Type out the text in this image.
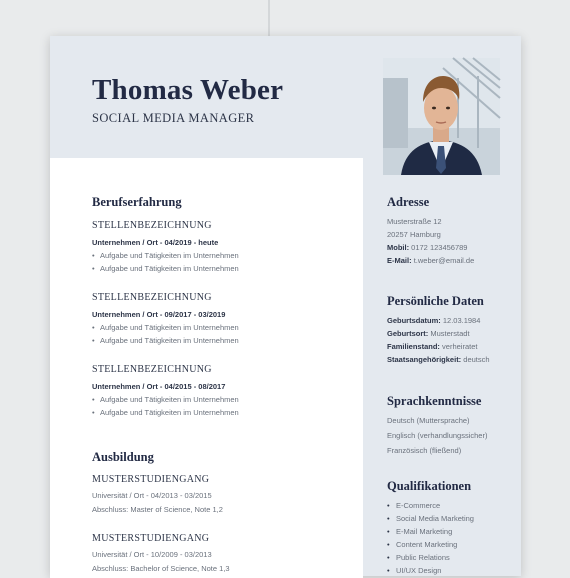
Thomas Weber
SOCIAL MEDIA MANAGER
Berufserfahrung
STELLENBEZEICHNUNG
Unternehmen / Ort - 04/2019 - heute
• Aufgabe und Tätigkeiten im Unternehmen
• Aufgabe und Tätigkeiten im Unternehmen
STELLENBEZEICHNUNG
Unternehmen / Ort - 09/2017 - 03/2019
• Aufgabe und Tätigkeiten im Unternehmen
• Aufgabe und Tätigkeiten im Unternehmen
STELLENBEZEICHNUNG
Unternehmen / Ort - 04/2015 - 08/2017
• Aufgabe und Tätigkeiten im Unternehmen
• Aufgabe und Tätigkeiten im Unternehmen
Ausbildung
MUSTERSTUDIENGANG
Universität / Ort - 04/2013 - 03/2015
Abschluss: Master of Science, Note 1,2
MUSTERSTUDIENGANG
Universität / Ort - 10/2009 - 03/2013
Abschluss: Bachelor of Science, Note 1,3
Adresse
Musterstraße 12
20257 Hamburg
Mobil: 0172 123456789
E-Mail: t.weber@email.de
Persönliche Daten
Geburtsdatum: 12.03.1984
Geburtsort: Musterstadt
Familienstand: verheiratet
Staatsangehörigkeit: deutsch
Sprachkenntnisse
Deutsch (Muttersprache)
Englisch (verhandlungssicher)
Französisch (fließend)
Qualifikationen
• E-Commerce
• Social Media Marketing
• E-Mail Marketing
• Content Marketing
• Public Relations
• UI/UX Design
